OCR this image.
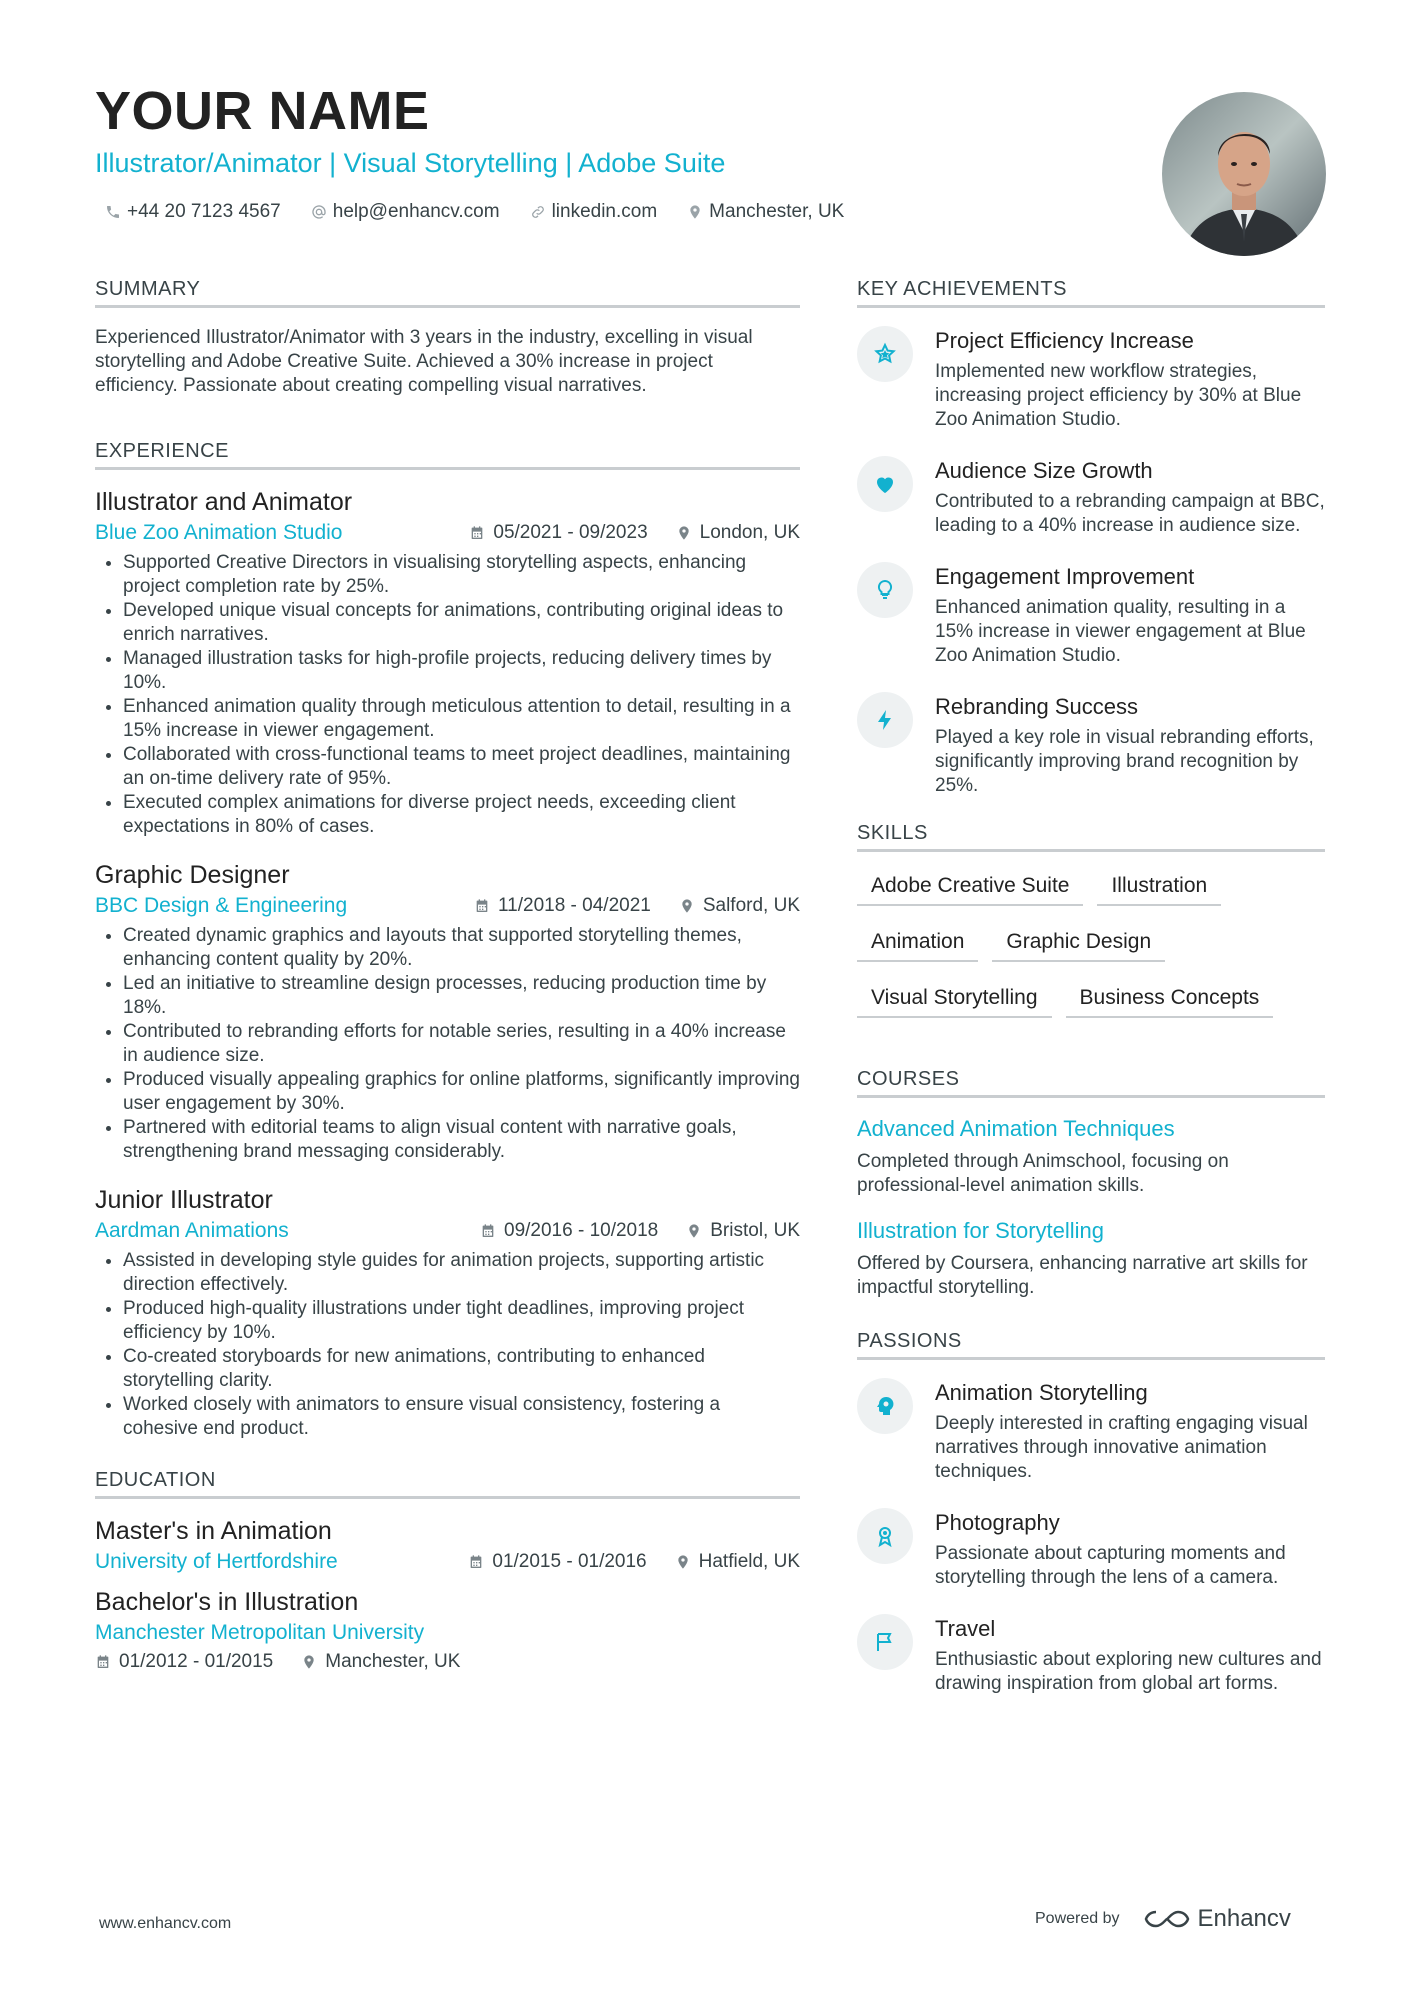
YOUR NAME
Illustrator/Animator | Visual Storytelling | Adobe Suite
+44 20 7123 4567	help@enhancv.com	linkedin.com	Manchester, UK
SUMMARY
Experienced Illustrator/Animator with 3 years in the industry, excelling in visual storytelling and Adobe Creative Suite. Achieved a 30% increase in project efficiency. Passionate about creating compelling visual narratives.
EXPERIENCE
Illustrator and Animator
Blue Zoo Animation Studio	05/2021 - 09/2023	London, UK
• Supported Creative Directors in visualising storytelling aspects, enhancing project completion rate by 25%.
• Developed unique visual concepts for animations, contributing original ideas to enrich narratives.
• Managed illustration tasks for high-profile projects, reducing delivery times by 10%.
• Enhanced animation quality through meticulous attention to detail, resulting in a 15% increase in viewer engagement.
• Collaborated with cross-functional teams to meet project deadlines, maintaining an on-time delivery rate of 95%.
• Executed complex animations for diverse project needs, exceeding client expectations in 80% of cases.
Graphic Designer
BBC Design & Engineering	11/2018 - 04/2021	Salford, UK
• Created dynamic graphics and layouts that supported storytelling themes, enhancing content quality by 20%.
• Led an initiative to streamline design processes, reducing production time by 18%.
• Contributed to rebranding efforts for notable series, resulting in a 40% increase in audience size.
• Produced visually appealing graphics for online platforms, significantly improving user engagement by 30%.
• Partnered with editorial teams to align visual content with narrative goals, strengthening brand messaging considerably.
Junior Illustrator
Aardman Animations	09/2016 - 10/2018	Bristol, UK
• Assisted in developing style guides for animation projects, supporting artistic direction effectively.
• Produced high-quality illustrations under tight deadlines, improving project efficiency by 10%.
• Co-created storyboards for new animations, contributing to enhanced storytelling clarity.
• Worked closely with animators to ensure visual consistency, fostering a cohesive end product.
EDUCATION
Master's in Animation
University of Hertfordshire	01/2015 - 01/2016	Hatfield, UK
Bachelor's in Illustration
Manchester Metropolitan University
01/2012 - 01/2015	Manchester, UK
KEY ACHIEVEMENTS
Project Efficiency Increase
Implemented new workflow strategies, increasing project efficiency by 30% at Blue Zoo Animation Studio.
Audience Size Growth
Contributed to a rebranding campaign at BBC, leading to a 40% increase in audience size.
Engagement Improvement
Enhanced animation quality, resulting in a 15% increase in viewer engagement at Blue Zoo Animation Studio.
Rebranding Success
Played a key role in visual rebranding efforts, significantly improving brand recognition by 25%.
SKILLS
Adobe Creative Suite	Illustration
Animation	Graphic Design
Visual Storytelling	Business Concepts
COURSES
Advanced Animation Techniques
Completed through Animschool, focusing on professional-level animation skills.
Illustration for Storytelling
Offered by Coursera, enhancing narrative art skills for impactful storytelling.
PASSIONS
Animation Storytelling
Deeply interested in crafting engaging visual narratives through innovative animation techniques.
Photography
Passionate about capturing moments and storytelling through the lens of a camera.
Travel
Enthusiastic about exploring new cultures and drawing inspiration from global art forms.
www.enhancv.com	Powered by	Enhancv
